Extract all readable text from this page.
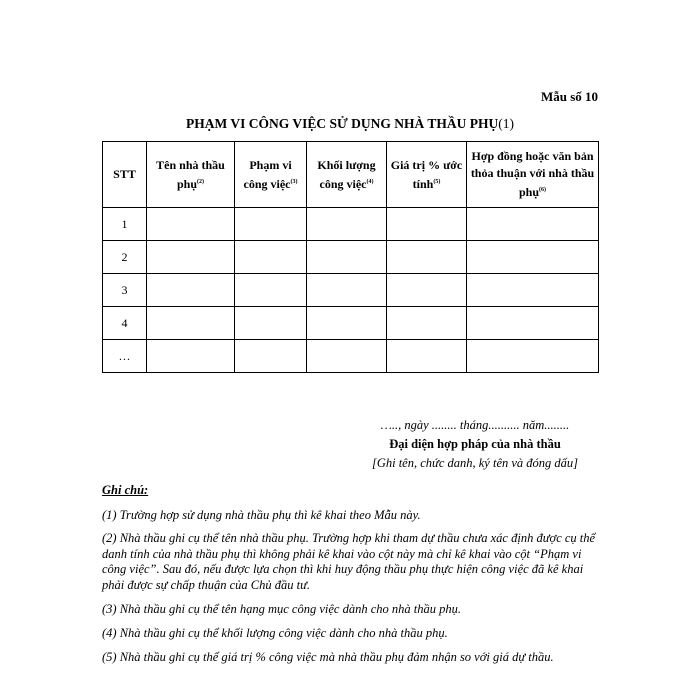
Mẫu số 10
PHẠM VI CÔNG VIỆC SỬ DỤNG NHÀ THẦU PHỤ(1)
STT	Tên nhà thầu phụ$^{(2)}$	Phạm vi công việc$^{(3)}$	Khối lượng công việc$^{(4)}$	Giá trị % ước tính$^{(5)}$	Hợp đồng hoặc văn bản thỏa thuận với nhà thầu phụ$^{(6)}$
1					
2					
3					
4					
…					
….., ngày ........ tháng.......... năm........
Đại diện hợp pháp của nhà thầu
[Ghi tên, chức danh, ký tên và đóng dấu]
Ghi chú:

(1) Trường hợp sử dụng nhà thầu phụ thì kê khai theo Mẫu này.

(2) Nhà thầu ghi cụ thể tên nhà thầu phụ. Trường hợp khi tham dự thầu chưa xác định được cụ thể danh tính của nhà thầu phụ thì không phải kê khai vào cột này mà chỉ kê khai vào cột “Phạm vi công việc”. Sau đó, nếu được lựa chọn thì khi huy động thầu phụ thực hiện công việc đã kê khai phải được sự chấp thuận của Chủ đầu tư.

(3) Nhà thầu ghi cụ thể tên hạng mục công việc dành cho nhà thầu phụ.

(4) Nhà thầu ghi cụ thể khối lượng công việc dành cho nhà thầu phụ.

(5) Nhà thầu ghi cụ thể giá trị % công việc mà nhà thầu phụ đảm nhận so với giá dự thầu.
